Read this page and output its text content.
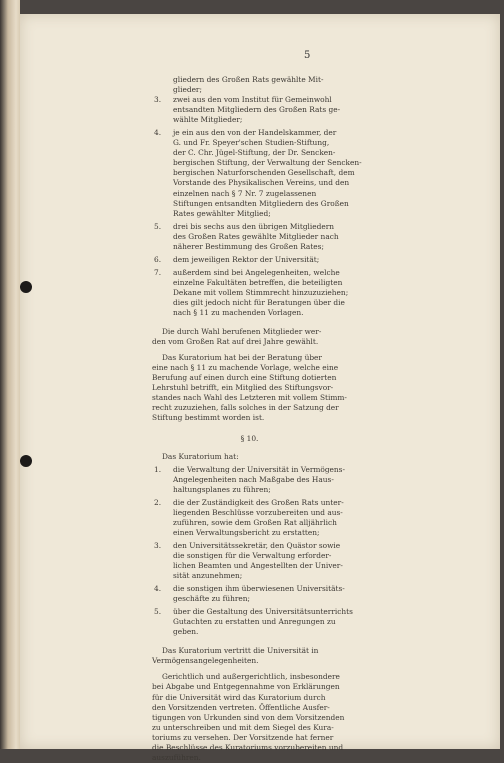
5

gliedern des Großen Rats gewählte Mit-

glieder;

3. zwei aus den vom Institut für Gemeinwohl

entsandten Mitgliedern des Großen Rats ge-

wählte Mitglieder;

4. je ein aus den von der Handelskammer, der

G. und Fr. Speyer'schen Studien-Stiftung,

der C. Chr. Jügel-Stiftung, der Dr. Sencken-

bergischen Stiftung, der Verwaltung der Sencken-

bergischen Naturforschenden Gesellschaft, dem

Vorstande des Physikalischen Vereins, und den

einzelnen nach § 7 Nr. 7 zugelassenen

Stiftungen entsandten Mitgliedern des Großen

Rates gewählter Mitglied;

5. drei bis sechs aus den übrigen Mitgliedern

des Großen Rates gewählte Mitglieder nach

näherer Bestimmung des Großen Rates;

6. dem jeweiligen Rektor der Universität;

7. außerdem sind bei Angelegenheiten, welche

einzelne Fakultäten betreffen, die beteiligten

Dekane mit vollem Stimmrecht hinzuzuziehen;

dies gilt jedoch nicht für Beratungen über die

nach § 11 zu machenden Vorlagen.

Die durch Wahl berufenen Mitglieder wer-

den vom Großen Rat auf drei Jahre gewählt.

Das Kuratorium hat bei der Beratung über

eine nach § 11 zu machende Vorlage, welche eine

Berufung auf einen durch eine Stiftung dotierten

Lehrstuhl betrifft, ein Mitglied des Stiftungsvor-

standes nach Wahl des Letzteren mit vollem Stimm-

recht zuzuziehen, falls solches in der Satzung der

Stiftung bestimmt worden ist.

§ 10.

Das Kuratorium hat:

1. die Verwaltung der Universität in Vermögens-

Angelegenheiten nach Maßgabe des Haus-

haltungsplanes zu führen;

2. die der Zuständigkeit des Großen Rats unter-

liegenden Beschlüsse vorzubereiten und aus-

zuführen, sowie dem Großen Rat alljährlich

einen Verwaltungsbericht zu erstatten;

3. den Universitätssekretär, den Quästor sowie

die sonstigen für die Verwaltung erforder-

lichen Beamten und Angestellten der Univer-

sität anzunehmen;

4. die sonstigen ihm überwiesenen Universitäts-

geschäfte zu führen;

5. über die Gestaltung des Universitätsunterrichts

Gutachten zu erstatten und Anregungen zu

geben.

Das Kuratorium vertritt die Universität in

Vermögensangelegenheiten.

Gerichtlich und außergerichtlich, insbesondere

bei Abgabe und Entgegennahme von Erklärungen

für die Universität wird das Kuratorium durch

den Vorsitzenden vertreten. Öffentliche Ausfer-

tigungen von Urkunden sind von dem Vorsitzenden

zu unterschreiben und mit dem Siegel des Kura-

toriums zu versehen. Der Vorsitzende hat ferner

die Beschlüsse des Kuratoriums vorzubereiten und

auszuführen.
